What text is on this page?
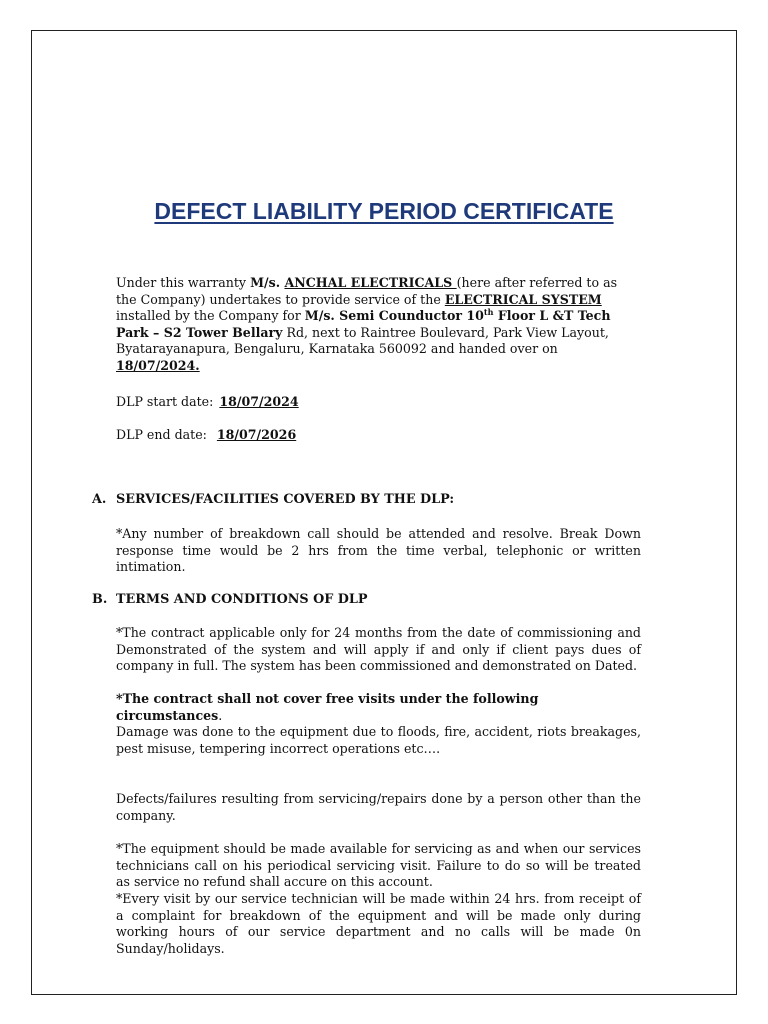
DEFECT LIABILITY PERIOD CERTIFICATE
Under this warranty M/s. ANCHAL ELECTRICALS (here after referred to as the Company) undertakes to provide service of the ELECTRICAL SYSTEM installed by the Company for M/s. Semi Counductor 10th Floor L &T Tech Park – S2 Tower Bellary Rd, next to Raintree Boulevard, Park View Layout, Byatarayanapura, Bengaluru, Karnataka 560092 and handed over on 18/07/2024.
DLP start date: 18/07/2024
DLP end date: 18/07/2026
A. SERVICES/FACILITIES COVERED BY THE DLP:
*Any number of breakdown call should be attended and resolve. Break Down response time would be 2 hrs from the time verbal, telephonic or written intimation.
B. TERMS AND CONDITIONS OF DLP
*The contract applicable only for 24 months from the date of commissioning and Demonstrated of the system and will apply if and only if client pays dues of company in full. The system has been commissioned and demonstrated on Dated.
*The contract shall not cover free visits under the following circumstances.
Damage was done to the equipment due to floods, fire, accident, riots breakages, pest misuse, tempering incorrect operations etc….
Defects/failures resulting from servicing/repairs done by a person other than the company.
*The equipment should be made available for servicing as and when our services technicians call on his periodical servicing visit. Failure to do so will be treated as service no refund shall accure on this account.
*Every visit by our service technician will be made within 24 hrs. from receipt of a complaint for breakdown of the equipment and will be made only during working hours of our service department and no calls will be made 0n Sunday/holidays.
